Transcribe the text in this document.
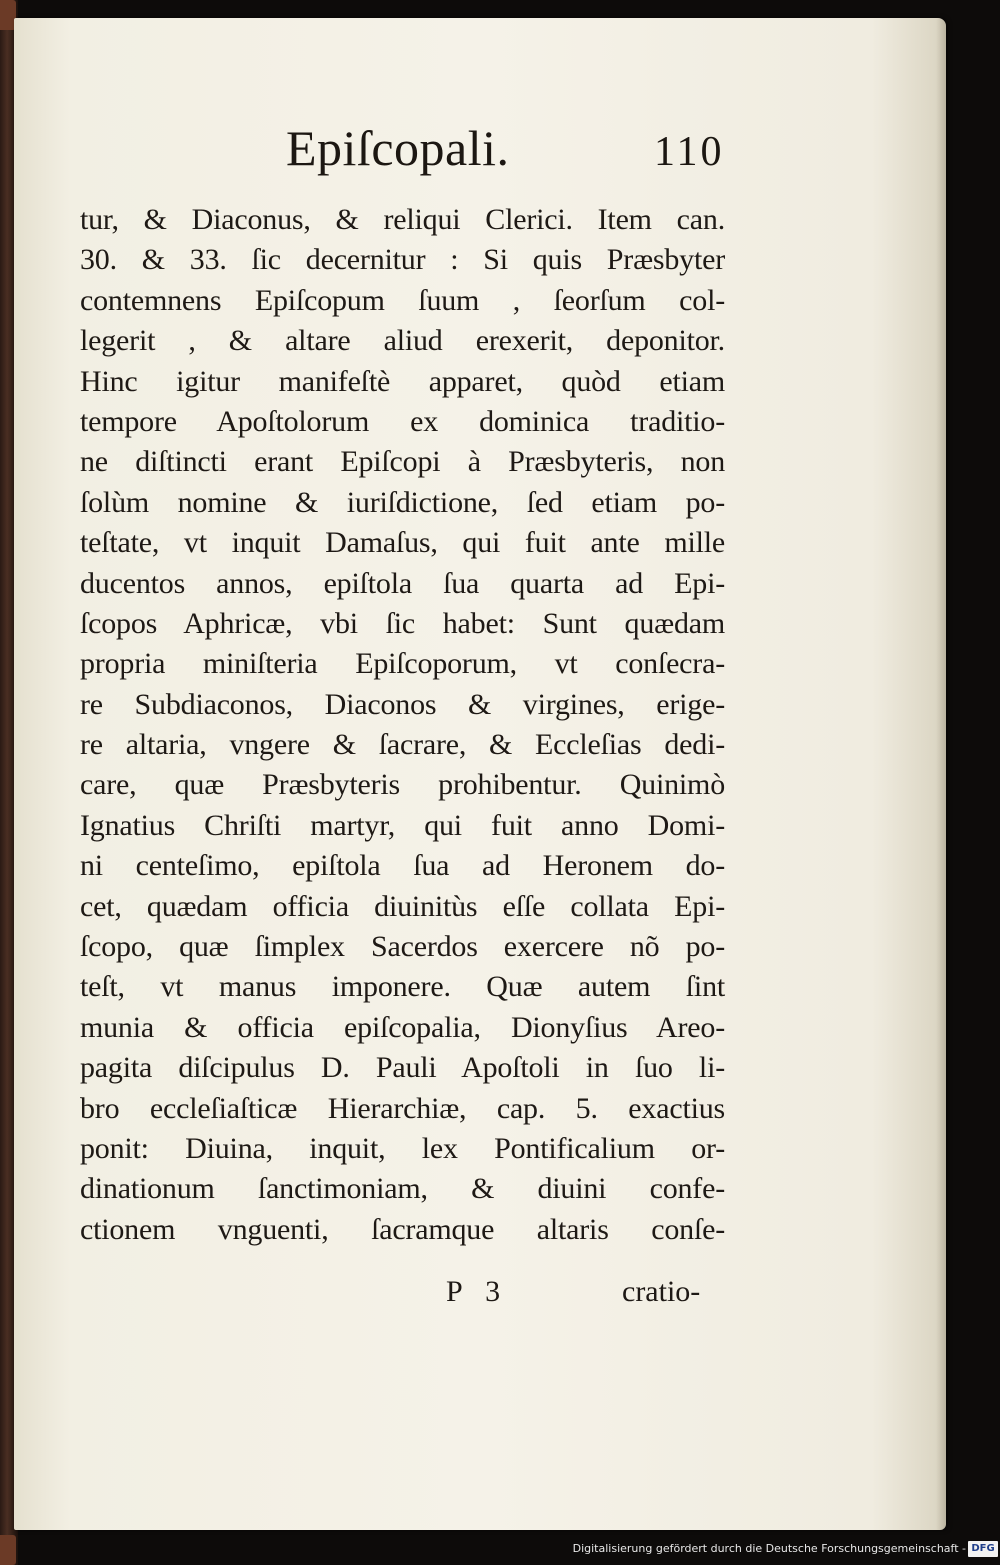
Epiſcopali.	110
tur, & Diaconus, & reliqui Clerici. Item can.
30. & 33. ſic decernitur : Si quis Præsbyter
contemnens Epiſcopum ſuum , ſeorſum col-
legerit , & altare aliud erexerit, deponitor.
Hinc igitur manifeſtè apparet, quòd etiam
tempore Apoſtolorum ex dominica traditio-
ne diſtincti erant Epiſcopi à Præsbyteris, non
ſolùm nomine & iuriſdictione, ſed etiam po-
teſtate, vt inquit Damaſus, qui fuit ante mille
ducentos annos, epiſtola ſua quarta ad Epi-
ſcopos Aphricæ, vbi ſic habet: Sunt quædam
propria miniſteria Epiſcoporum, vt conſecra-
re Subdiaconos, Diaconos & virgines, erige-
re altaria, vngere & ſacrare, & Eccleſias dedi-
care, quæ Præsbyteris prohibentur. Quinimò
Ignatius Chriſti martyr, qui fuit anno Domi-
ni centeſimo, epiſtola ſua ad Heronem do-
cet, quædam officia diuinitùs eſſe collata Epi-
ſcopo, quæ ſimplex Sacerdos exercere nõ po-
teſt, vt manus imponere. Quæ autem ſint
munia & officia epiſcopalia, Dionyſius Areo-
pagita diſcipulus D. Pauli Apoſtoli in ſuo li-
bro eccleſiaſticæ Hierarchiæ, cap. 5. exactius
ponit: Diuina, inquit, lex Pontificalium or-
dinationum ſanctimoniam, & diuini confe-
ctionem vnguenti, ſacramque altaris conſe-
P 3	cratio-
Digitalisierung gefördert durch die Deutsche Forschungsgemeinschaft - DFG
